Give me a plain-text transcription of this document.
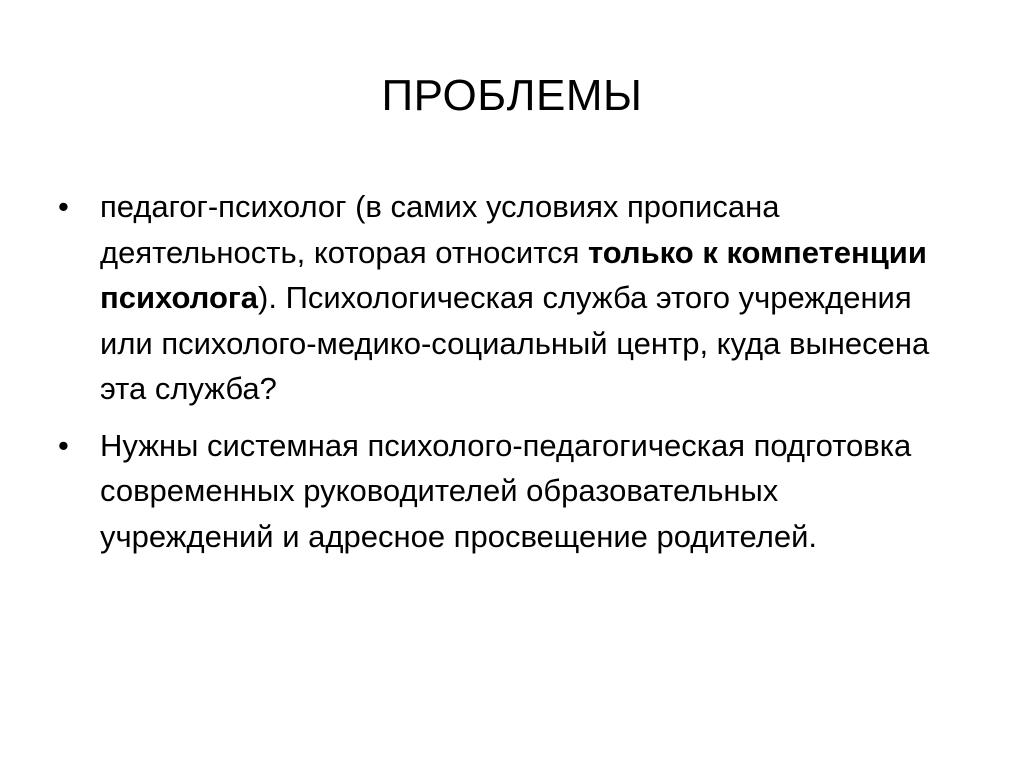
ПРОБЛЕМЫ
•	педагог-психолог (в самих условиях прописана деятельность, которая относится только к компетенции психолога). Психологическая служба этого учреждения или психолого-медико-социальный центр, куда вынесена эта служба?
•	Нужны системная психолого-педагогическая подготовка современных руководителей образовательных учреждений и адресное просвещение родителей.
